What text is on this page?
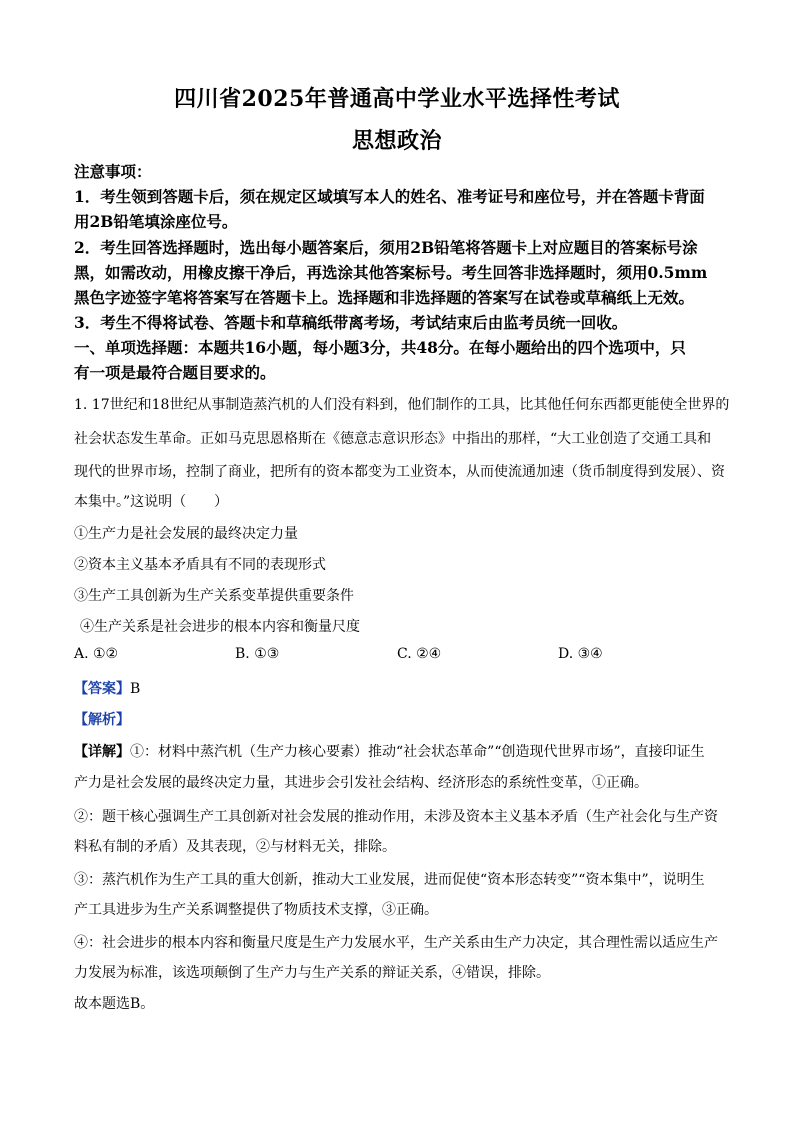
四川省2025年普通高中学业水平选择性考试
思想政治
注意事项：
1．考生领到答题卡后，须在规定区域填写本人的姓名、准考证号和座位号，并在答题卡背面
用2B铅笔填涂座位号。
2．考生回答选择题时，选出每小题答案后，须用2B铅笔将答题卡上对应题目的答案标号涂
黑，如需改动，用橡皮擦干净后，再选涂其他答案标号。考生回答非选择题时，须用0.5mm
黑色字迹签字笔将答案写在答题卡上。选择题和非选择题的答案写在试卷或草稿纸上无效。
3．考生不得将试卷、答题卡和草稿纸带离考场，考试结束后由监考员统一回收。
一、单项选择题：本题共16小题，每小题3分，共48分。在每小题给出的四个选项中，只
有一项是最符合题目要求的。
1. 17世纪和18世纪从事制造蒸汽机的人们没有料到，他们制作的工具，比其他任何东西都更能使全世界的
社会状态发生革命。正如马克思恩格斯在《德意志意识形态》中指出的那样，“大工业创造了交通工具和
现代的世界市场，控制了商业，把所有的资本都变为工业资本，从而使流通加速（货币制度得到发展）、资
本集中。”这说明（　　）
①生产力是社会发展的最终决定力量
②资本主义基本矛盾具有不同的表现形式
③生产工具创新为生产关系变革提供重要条件
④生产关系是社会进步的根本内容和衡量尺度
A. ①②	B. ①③	C. ②④	D. ③④
【答案】B
【解析】
【详解】①：材料中蒸汽机（生产力核心要素）推动“社会状态革命”“创造现代世界市场”，直接印证生
产力是社会发展的最终决定力量，其进步会引发社会结构、经济形态的系统性变革，①正确。
②：题干核心强调生产工具创新对社会发展的推动作用，未涉及资本主义基本矛盾（生产社会化与生产资
料私有制的矛盾）及其表现，②与材料无关，排除。
③：蒸汽机作为生产工具的重大创新，推动大工业发展，进而促使“资本形态转变”“资本集中”，说明生
产工具进步为生产关系调整提供了物质技术支撑，③正确。
④：社会进步的根本内容和衡量尺度是生产力发展水平，生产关系由生产力决定，其合理性需以适应生产
力发展为标准，该选项颠倒了生产力与生产关系的辩证关系，④错误，排除。
故本题选B。
